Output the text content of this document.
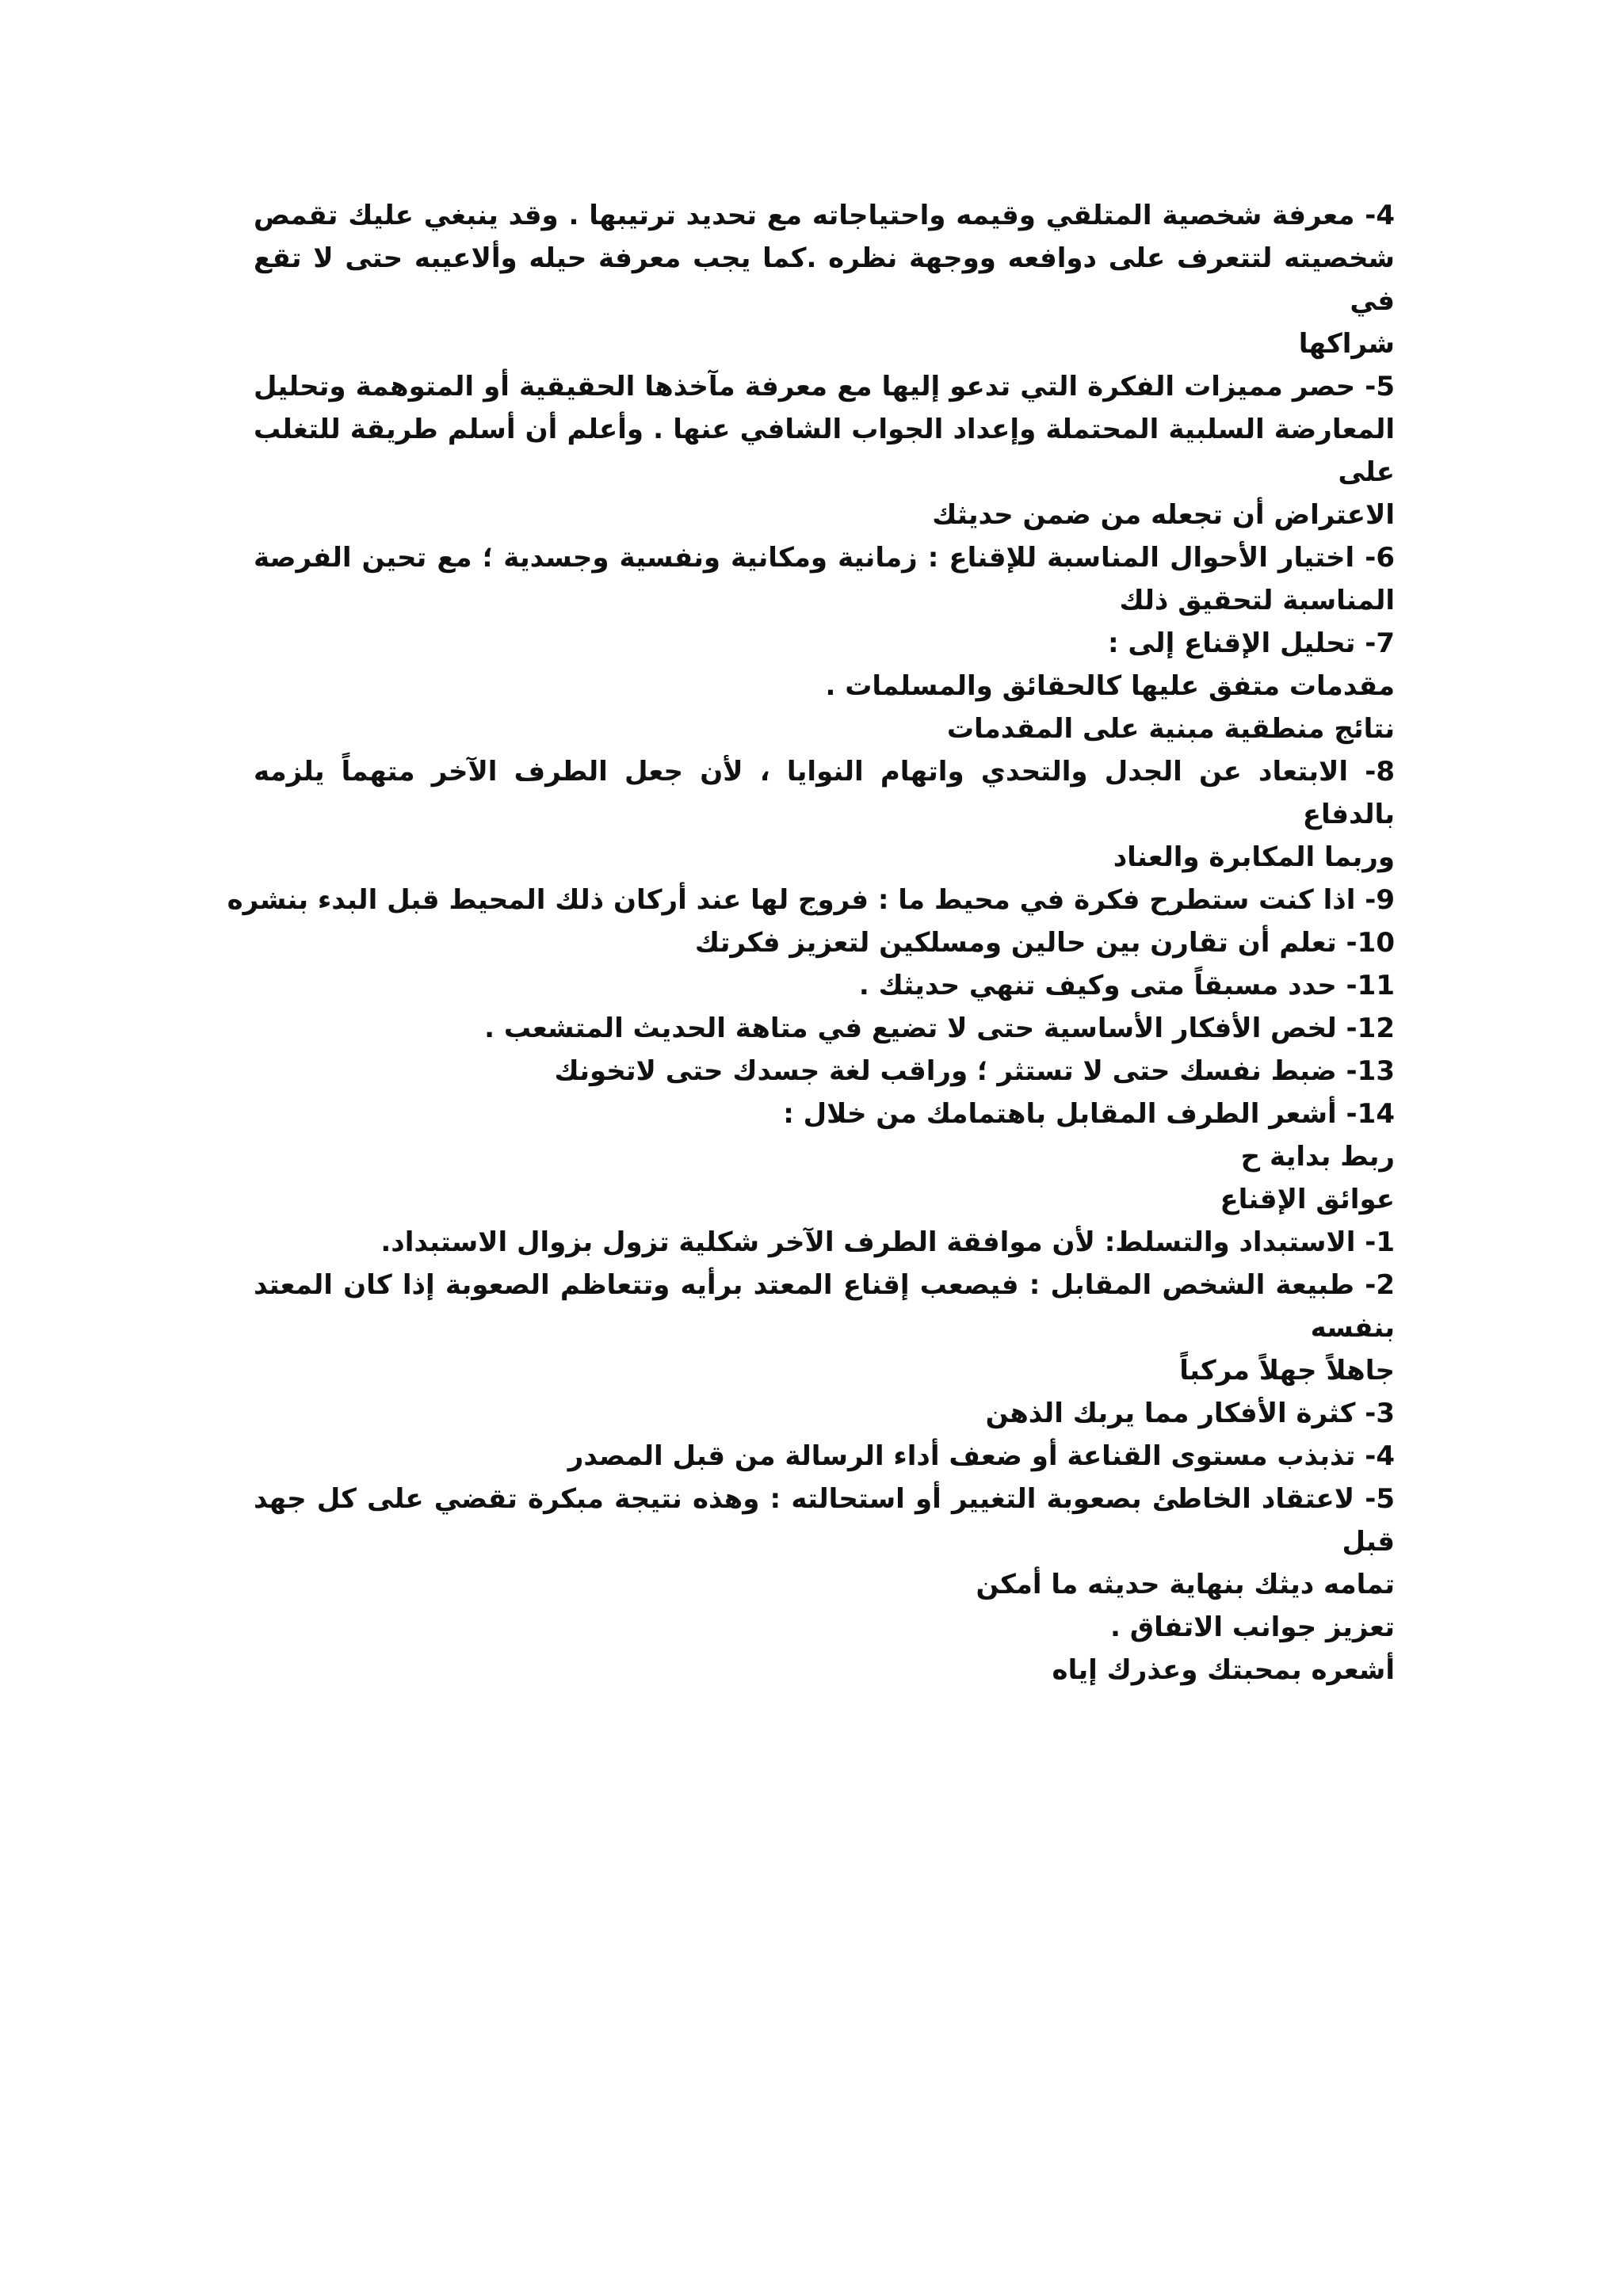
4- معرفة شخصية المتلقي وقيمه واحتياجاته مع تحديد ترتيبها . وقد ينبغي عليك تقمص

شخصيته لتتعرف على دوافعه ووجهة نظره .كما يجب معرفة حيله وألاعيبه حتى لا تقع في

شراكها

5- حصر مميزات الفكرة التي تدعو إليها مع معرفة مآخذها الحقيقية أو المتوهمة وتحليل

المعارضة السلبية المحتملة وإعداد الجواب الشافي عنها . وأعلم أن أسلم طريقة للتغلب على

الاعتراض أن تجعله من ضمن حديثك

6- اختيار الأحوال المناسبة للإقناع : زمانية ومكانية ونفسية وجسدية ؛ مع تحين الفرصة

المناسبة لتحقيق ذلك

7- تحليل الإقناع إلى :

مقدمات متفق عليها كالحقائق والمسلمات .

نتائج منطقية مبنية على المقدمات

8- الابتعاد عن الجدل والتحدي واتهام النوايا ، لأن جعل الطرف الآخر متهماً يلزمه بالدفاع

وربما المكابرة والعناد

9- اذا كنت ستطرح فكرة في محيط ما : فروج لها عند أركان ذلك المحيط قبل البدء بنشره

10- تعلم أن تقارن بين حالين ومسلكين لتعزيز فكرتك

11- حدد مسبقاً متى وكيف تنهي حديثك .

12- لخص الأفكار الأساسية حتى لا تضيع في متاهة الحديث المتشعب .

13- ضبط نفسك حتى لا تستثر ؛ وراقب لغة جسدك حتى لاتخونك

14- أشعر الطرف المقابل باهتمامك من خلال :

ربط بداية ح

عوائق الإقناع

1- الاستبداد والتسلط: لأن موافقة الطرف الآخر شكلية تزول بزوال الاستبداد.

2- طبيعة الشخص المقابل : فيصعب إقناع المعتد برأيه وتتعاظم الصعوبة إذا كان المعتد بنفسه

جاهلاً جهلاً مركباً

3- كثرة الأفكار مما يربك الذهن

4- تذبذب مستوى القناعة أو ضعف أداء الرسالة من قبل المصدر

5- لاعتقاد الخاطئ بصعوبة التغيير أو استحالته : وهذه نتيجة مبكرة تقضي على كل جهد قبل

تمامه ديثك بنهاية حديثه ما أمكن

تعزيز جوانب الاتفاق .

أشعره بمحبتك وعذرك إياه
